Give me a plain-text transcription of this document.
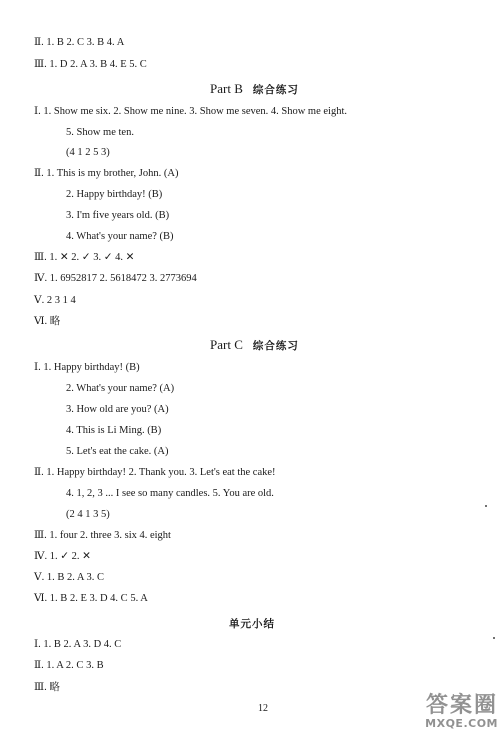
Ⅱ. 1. B 2. C 3. B 4. A
Ⅲ. 1. D 2. A 3. B 4. E 5. C
Part B 综合练习
Ⅰ. 1. Show me six. 2. Show me nine. 3. Show me seven. 4. Show me eight.
5. Show me ten.
(4 1 2 5 3)
Ⅱ. 1. This is my brother, John. (A)
2. Happy birthday! (B)
3. I'm five years old. (B)
4. What's your name? (B)
Ⅲ. 1. ✕ 2. ✓ 3. ✓ 4. ✕
Ⅳ. 1. 6952817 2. 5618472 3. 2773694
Ⅴ. 2 3 1 4
Ⅵ. 略
Part C 综合练习
Ⅰ. 1. Happy birthday! (B)
2. What's your name? (A)
3. How old are you? (A)
4. This is Li Ming. (B)
5. Let's eat the cake. (A)
Ⅱ. 1. Happy birthday! 2. Thank you. 3. Let's eat the cake!
4. 1, 2, 3 ... I see so many candles. 5. You are old.
(2 4 1 3 5)
Ⅲ. 1. four 2. three 3. six 4. eight
Ⅳ. 1. ✓ 2. ✕
Ⅴ. 1. B 2. A 3. C
Ⅵ. 1. B 2. E 3. D 4. C 5. A
单元小结
Ⅰ. 1. B 2. A 3. D 4. C
Ⅱ. 1. A 2. C 3. B
Ⅲ. 略
12	答案圈
MXQE.COM
